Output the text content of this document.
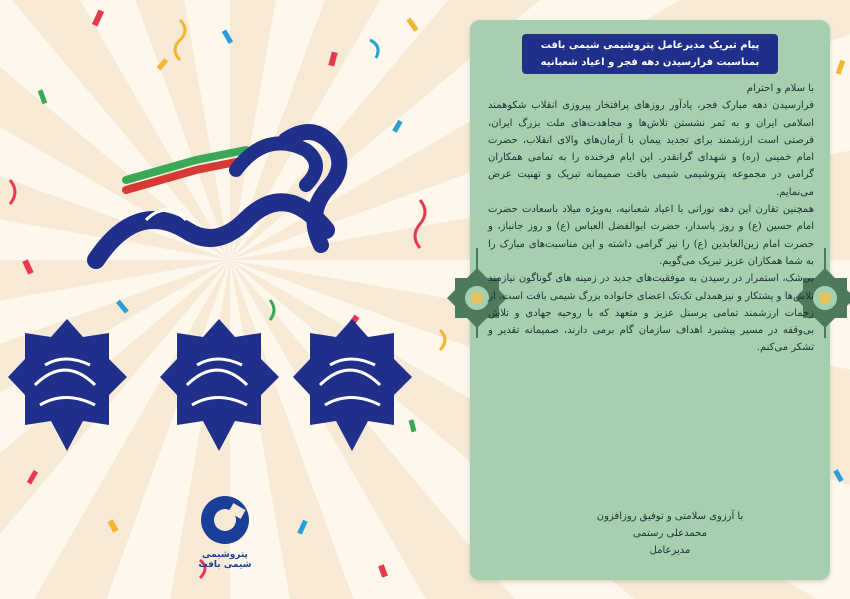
پتروشیمی شیمی بافت
پیام تبریک مدیرعامل پتروشیمی شیمی بافت
بمناسبت فرارسیدن دهه فجر و اعیاد شعبانیه

با سلام و احترام

فرارسیدن دهه مبارک فجر، یادآور روزهای پرافتخار پیروزی انقلاب شکوهمند اسلامی ایران و به ثمر نشستن تلاش‌ها و مجاهدت‌های ملت بزرگ ایران، فرصتی است ارزشمند برای تجدید پیمان با آرمان‌های والای انقلاب، حضرت امام خمینی (ره) و شهدای گرانقدر. این ایام فرخنده را به تمامی همکاران گرامی در مجموعه پتروشیمی شیمی بافت صمیمانه تبریک و تهنیت عرض می‌نمایم.

همچنین تقارن این دهه نورانی با اعیاد شعبانیه، به‌ویژه میلاد باسعادت حضرت امام حسین (ع) و روز پاسدار، حضرت ابوالفضل العباس (ع) و روز جانباز، و حضرت امام زین‌العابدین (ع) را نیز گرامی داشته و این مناسبت‌های مبارک را به شما همکاران عزیز تبریک می‌گویم.

بی‌شک، استمرار در رسیدن به موفقیت‌های جدید در زمینه های گوناگون نیازمند تلاش‌ها و پشتکار و نیزهمدلی تک‌تک اعضای خانواده بزرگ شیمی بافت است. از زحمات ارزشمند تمامی پرسنل عزیز و متعهد که با روحیه جهادی و تلاش بی‌وقفه در مسیر پیشبرد اهداف سازمان گام برمی دارند، صمیمانه تقدیر و تشکر می‌کنم.

با آرزوی سلامتی و توفیق روزافزون
محمدعلی رستمی
مدیرعامل
